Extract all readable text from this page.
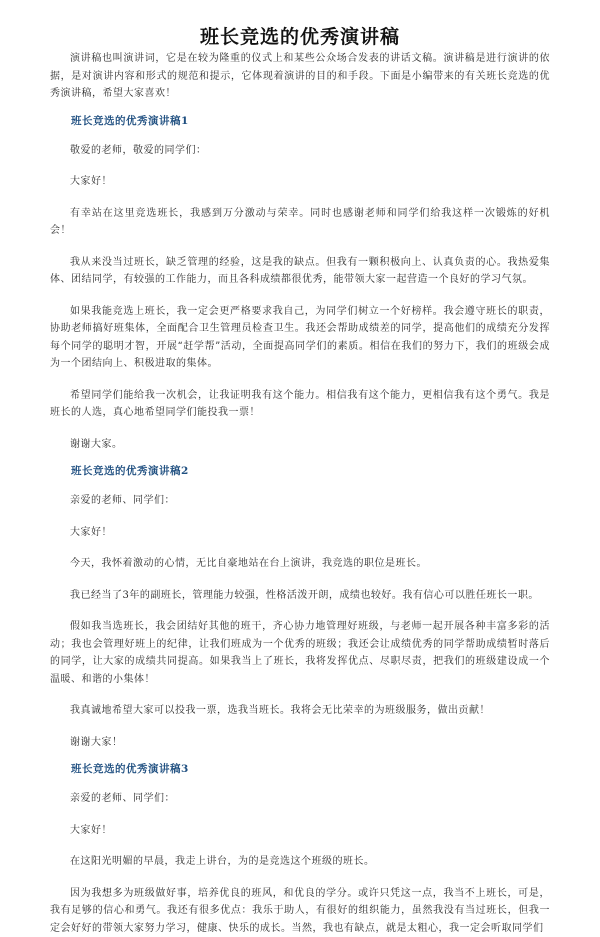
班长竞选的优秀演讲稿

演讲稿也叫演讲词，它是在较为隆重的仪式上和某些公众场合发表的讲话文稿。演讲稿是进行演讲的依据，是对演讲内容和形式的规范和提示，它体现着演讲的目的和手段。下面是小编带来的有关班长竞选的优秀演讲稿，希望大家喜欢！

班长竞选的优秀演讲稿1

敬爱的老师，敬爱的同学们：

大家好！

有幸站在这里竞选班长，我感到万分激动与荣幸。同时也感谢老师和同学们给我这样一次锻炼的好机会！

我从来没当过班长，缺乏管理的经验，这是我的缺点。但我有一颗积极向上、认真负责的心。我热爱集体、团结同学，有较强的工作能力，而且各科成绩都很优秀，能带领大家一起营造一个良好的学习气氛。

如果我能竞选上班长，我一定会更严格要求我自己，为同学们树立一个好榜样。我会遵守班长的职责，协助老师搞好班集体，全面配合卫生管理员检查卫生。我还会帮助成绩差的同学，提高他们的成绩充分发挥每个同学的聪明才智，开展“赶学帮”活动，全面提高同学们的素质。相信在我们的努力下，我们的班级会成为一个团结向上、积极进取的集体。

希望同学们能给我一次机会，让我证明我有这个能力。相信我有这个能力，更相信我有这个勇气。我是班长的人选，真心地希望同学们能投我一票！

谢谢大家。

班长竞选的优秀演讲稿2

亲爱的老师、同学们：

大家好！

今天，我怀着激动的心情，无比自豪地站在台上演讲，我竞选的职位是班长。

我已经当了3年的副班长，管理能力较强，性格活泼开朗，成绩也较好。我有信心可以胜任班长一职。

假如我当选班长，我会团结好其他的班干，齐心协力地管理好班级，与老师一起开展各种丰富多彩的活动；我也会管理好班上的纪律，让我们班成为一个优秀的班级；我还会让成绩优秀的同学帮助成绩暂时落后的同学，让大家的成绩共同提高。如果我当上了班长，我将发挥优点、尽职尽责，把我们的班级建设成一个温暖、和谐的小集体！

我真诚地希望大家可以投我一票，选我当班长。我将会无比荣幸的为班级服务，做出贡献！

谢谢大家！

班长竞选的优秀演讲稿3

亲爱的老师、同学们：

大家好！

在这阳光明媚的早晨，我走上讲台，为的是竞选这个班级的班长。

因为我想多为班级做好事，培养优良的班风，和优良的学分。或许只凭这一点，我当不上班长，可是，我有足够的信心和勇气。我还有很多优点：我乐于助人，有很好的组织能力，虽然我没有当过班长，但我一定会好好的带领大家努力学习，健康、快乐的成长。当然，我也有缺点，就是太粗心，我一定会听取同学们
